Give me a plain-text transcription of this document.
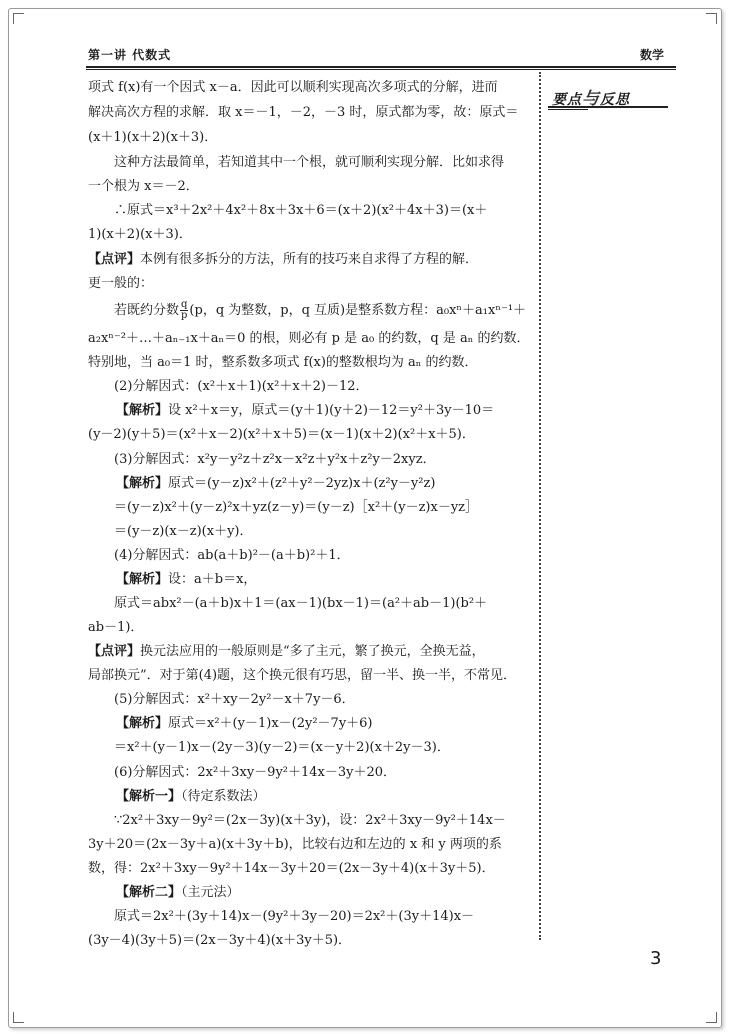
第一讲 代数式	数学
要点与反思
项式 f(x)有一个因式 x－a．因此可以顺利实现高次多项式的分解，进而
解决高次方程的求解．取 x＝－1，－2，－3 时，原式都为零，故：原式＝
(x＋1)(x＋2)(x＋3)．
这种方法最简单，若知道其中一个根，就可顺利实现分解．比如求得
一个根为 x＝－2．
∴原式＝x³＋2x²＋4x²＋8x＋3x＋6＝(x＋2)(x²＋4x＋3)＝(x＋
1)(x＋2)(x＋3)．
【点评】本例有很多拆分的方法，所有的技巧来自求得了方程的解．
更一般的：
若既约分数 $\frac{q}{p} (p$，q 为整数，p，q 互质)是整系数方程：a₀xⁿ＋a₁xⁿ⁻¹＋
a₂xⁿ⁻²＋…＋aₙ₋₁x＋aₙ＝0 的根，则必有 p 是 a₀ 的约数，q 是 aₙ 的约数．
特别地，当 a₀＝1 时，整系数多项式 f(x)的整数根均为 aₙ 的约数．
(2)分解因式：(x²＋x＋1)(x²＋x＋2)－12．
【解析】设 x²＋x＝y，原式＝(y＋1)(y＋2)－12＝y²＋3y－10＝
(y－2)(y＋5)＝(x²＋x－2)(x²＋x＋5)＝(x－1)(x＋2)(x²＋x＋5)．
(3)分解因式：x²y－y²z＋z²x－x²z＋y²x＋z²y－2xyz．
【解析】原式＝(y－z)x²＋(z²＋y²－2yz)x＋(z²y－y²z)
＝(y－z)x²＋(y－z)²x＋yz(z－y)＝(y－z)［x²＋(y－z)x－yz］
＝(y－z)(x－z)(x＋y)．
(4)分解因式：ab(a＋b)²－(a＋b)²＋1．
【解析】设：a＋b＝x，
原式＝abx²－(a＋b)x＋1＝(ax－1)(bx－1)＝(a²＋ab－1)(b²＋
ab－1)．
【点评】换元法应用的一般原则是“多了主元，繁了换元，全换无益，
局部换元”．对于第(4)题，这个换元很有巧思，留一半、换一半，不常见．
(5)分解因式：x²＋xy－2y²－x＋7y－6．
【解析】原式＝x²＋(y－1)x－(2y²－7y＋6)
＝x²＋(y－1)x－(2y－3)(y－2)＝(x－y＋2)(x＋2y－3)．
(6)分解因式：2x²＋3xy－9y²＋14x－3y＋20．
【解析一】（待定系数法）
∵2x²＋3xy－9y²＝(2x－3y)(x＋3y)，设：2x²＋3xy－9y²＋14x－
3y＋20＝(2x－3y＋a)(x＋3y＋b)，比较右边和左边的 x 和 y 两项的系
数，得：2x²＋3xy－9y²＋14x－3y＋20＝(2x－3y＋4)(x＋3y＋5)．
【解析二】（主元法）
原式＝2x²＋(3y＋14)x－(9y²＋3y－20)＝2x²＋(3y＋14)x－
(3y－4)(3y＋5)＝(2x－3y＋4)(x＋3y＋5)．
3
